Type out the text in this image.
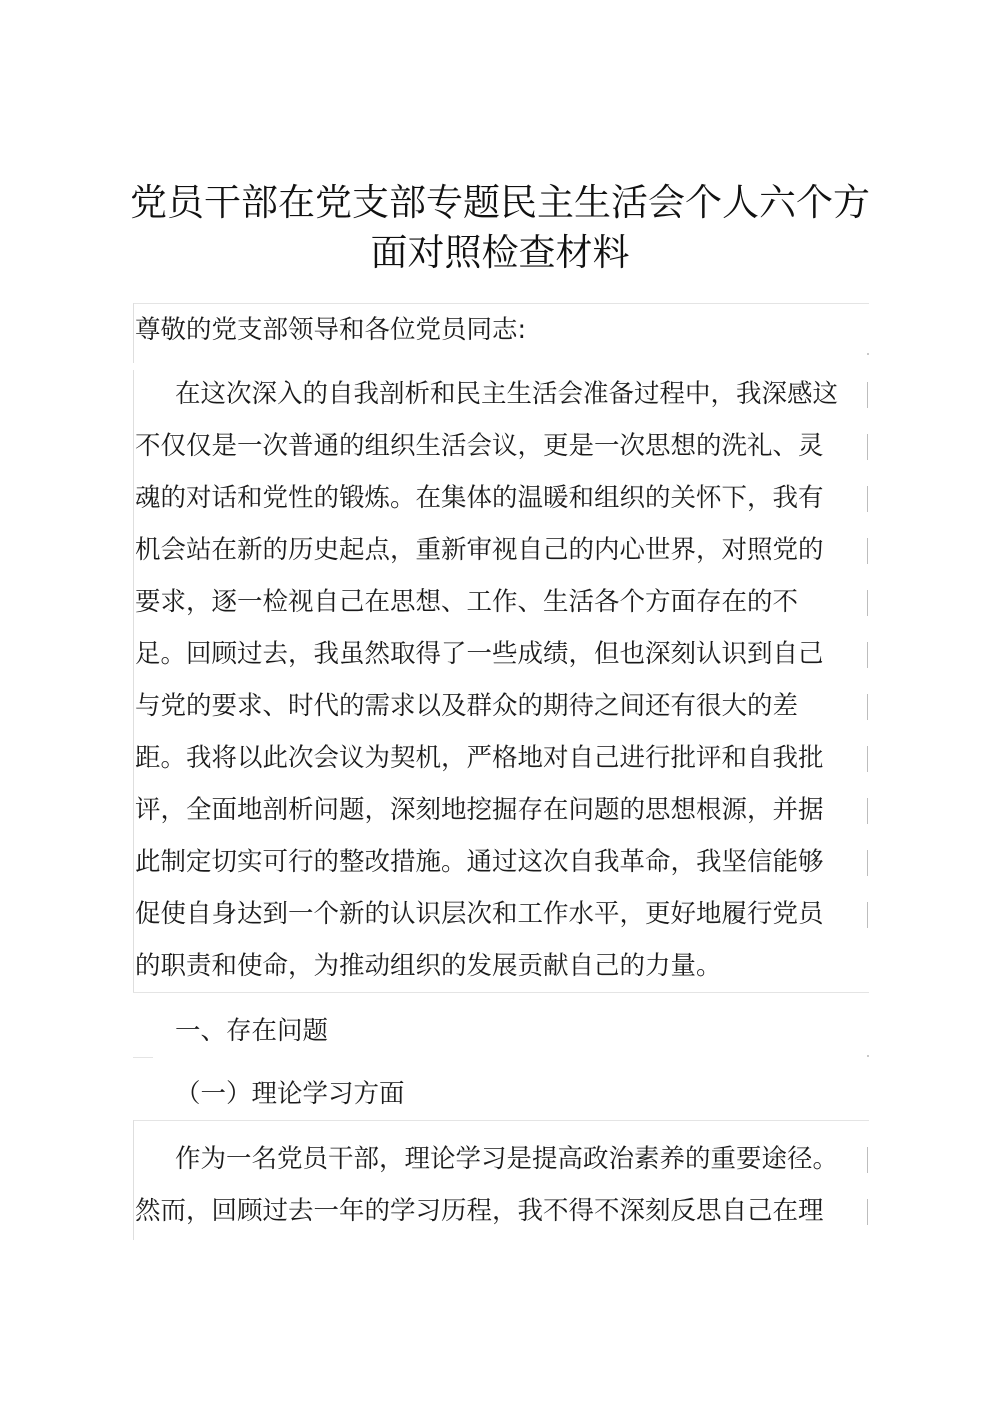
党员干部在党支部专题民主生活会个人六个方
面对照检查材料
尊敬的党支部领导和各位党员同志:
在这次深入的自我剖析和民主生活会准备过程中，我深感这
不仅仅是一次普通的组织生活会议，更是一次思想的洗礼、灵
魂的对话和党性的锻炼。在集体的温暖和组织的关怀下，我有
机会站在新的历史起点，重新审视自己的内心世界，对照党的
要求，逐一检视自己在思想、工作、生活各个方面存在的不
足。回顾过去，我虽然取得了一些成绩，但也深刻认识到自己
与党的要求、时代的需求以及群众的期待之间还有很大的差
距。我将以此次会议为契机，严格地对自己进行批评和自我批
评，全面地剖析问题，深刻地挖掘存在问题的思想根源，并据
此制定切实可行的整改措施。通过这次自我革命，我坚信能够
促使自身达到一个新的认识层次和工作水平，更好地履行党员
的职责和使命，为推动组织的发展贡献自己的力量。
一、存在问题
（一）理论学习方面
作为一名党员干部，理论学习是提高政治素养的重要途径。
然而，回顾过去一年的学习历程，我不得不深刻反思自己在理
